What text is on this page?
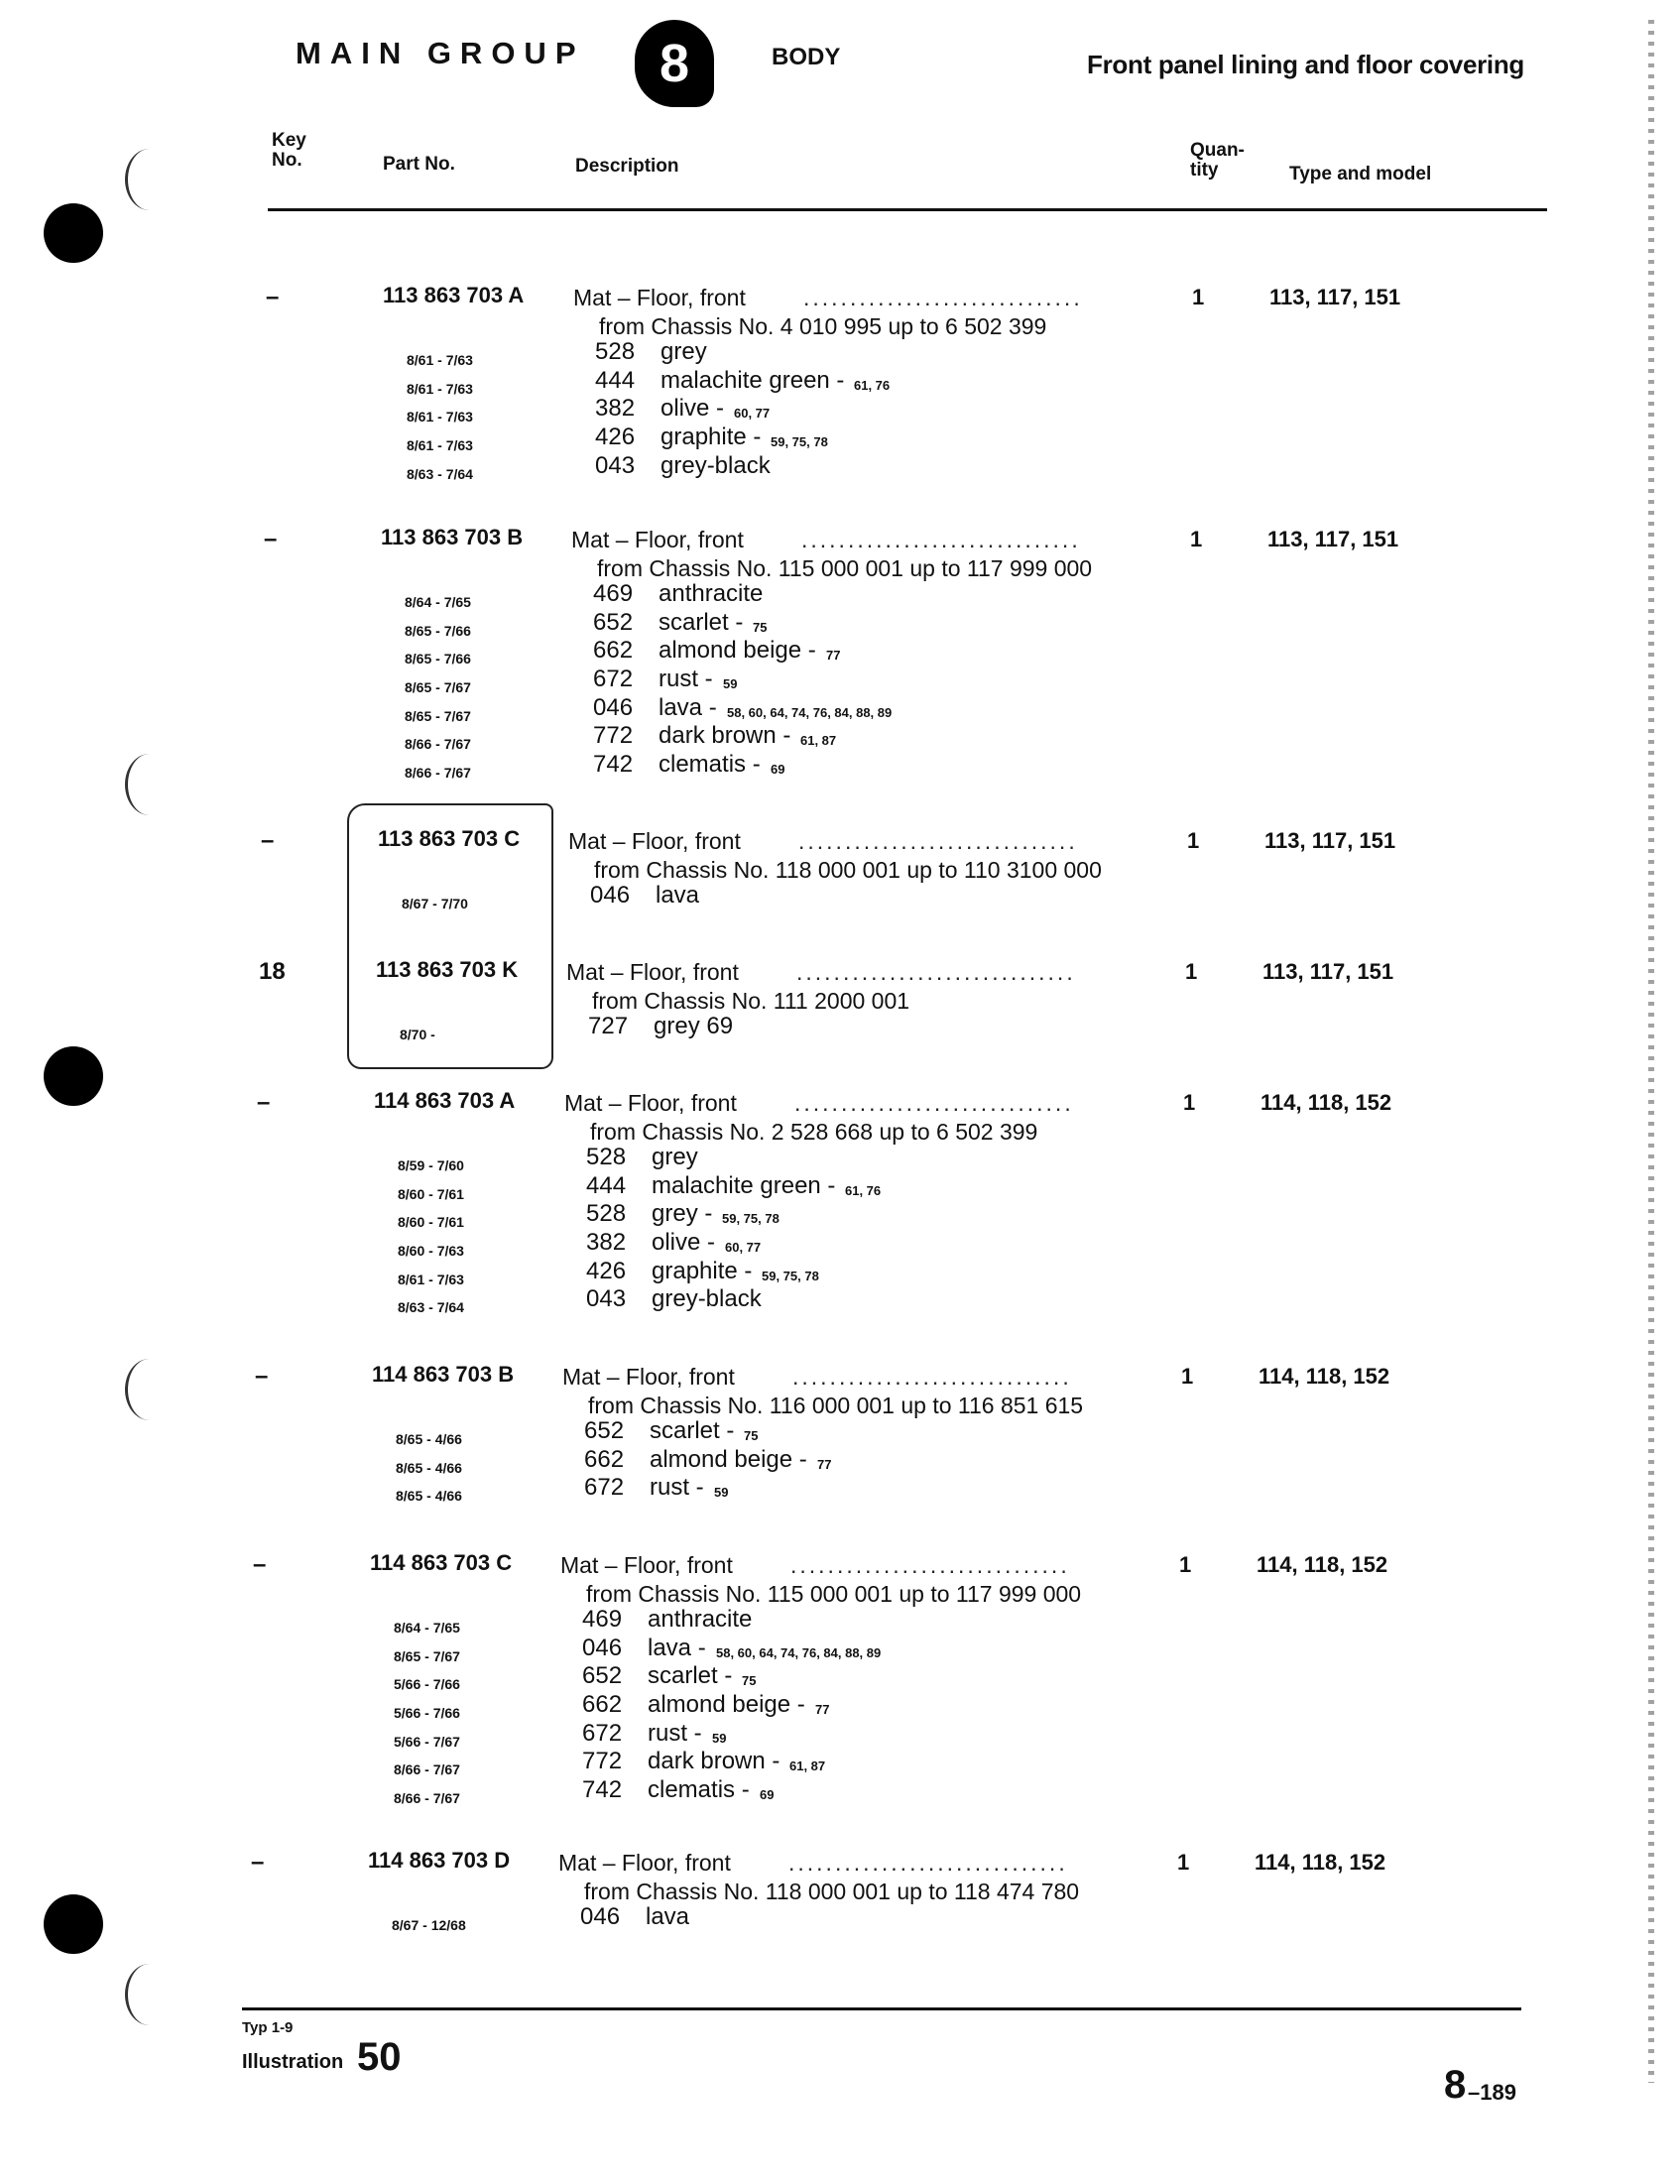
MAIN GROUP	8	BODY	Front panel lining and floor covering
Key
No.	Part No.	Description
Quan-
tity	Type and model
–	113 863 703 A Mat – Floor, front	..............................	1	113, 117, 151
from Chassis No. 4 010 995 up to 6 502 399
8/61 - 7/63	528 grey
8/61 - 7/63	444 malachite green - 61, 76
8/61 - 7/63	382 olive - 60, 77
8/61 - 7/63	426 graphite - 59, 75, 78
8/63 - 7/64	043 grey-black
–	113 863 703 B Mat – Floor, front	..............................	1	113, 117, 151
from Chassis No. 115 000 001 up to 117 999 000
8/64 - 7/65	469 anthracite
8/65 - 7/66	652 scarlet - 75
8/65 - 7/66	662 almond beige - 77
8/65 - 7/67	672 rust - 59
8/65 - 7/67	046 lava - 58, 60, 64, 74, 76, 84, 88, 89
8/66 - 7/67	772 dark brown - 61, 87
8/66 - 7/67	742 clematis - 69
–	113 863 703 C Mat – Floor, front	..............................	1	113, 117, 151
from Chassis No. 118 000 001 up to 110 3100 000
8/67 - 7/70	046 lava
18	113 863 703 K Mat – Floor, front	..............................	1	113, 117, 151
from Chassis No. 111 2000 001
8/70 -	727 grey 69
–	114 863 703 A Mat – Floor, front	..............................	1	114, 118, 152
from Chassis No. 2 528 668 up to 6 502 399
8/59 - 7/60	528 grey
8/60 - 7/61	444 malachite green - 61, 76
8/60 - 7/61	528 grey - 59, 75, 78
8/60 - 7/63	382 olive - 60, 77
8/61 - 7/63	426 graphite - 59, 75, 78
8/63 - 7/64	043 grey-black
–	114 863 703 B Mat – Floor, front	..............................	1	114, 118, 152
from Chassis No. 116 000 001 up to 116 851 615
8/65 - 4/66	652 scarlet - 75
8/65 - 4/66	662 almond beige - 77
8/65 - 4/66	672 rust - 59
–	114 863 703 C Mat – Floor, front	..............................	1	114, 118, 152
from Chassis No. 115 000 001 up to 117 999 000
8/64 - 7/65	469 anthracite
8/65 - 7/67	046 lava - 58, 60, 64, 74, 76, 84, 88, 89
5/66 - 7/66	652 scarlet - 75
5/66 - 7/66	662 almond beige - 77
5/66 - 7/67	672 rust - 59
8/66 - 7/67	772 dark brown - 61, 87
8/66 - 7/67	742 clematis - 69
–	114 863 703 D Mat – Floor, front	..............................	1	114, 118, 152
from Chassis No. 118 000 001 up to 118 474 780
8/67 - 12/68	046 lava
Typ 1-9
Illustration 50
8 –189
